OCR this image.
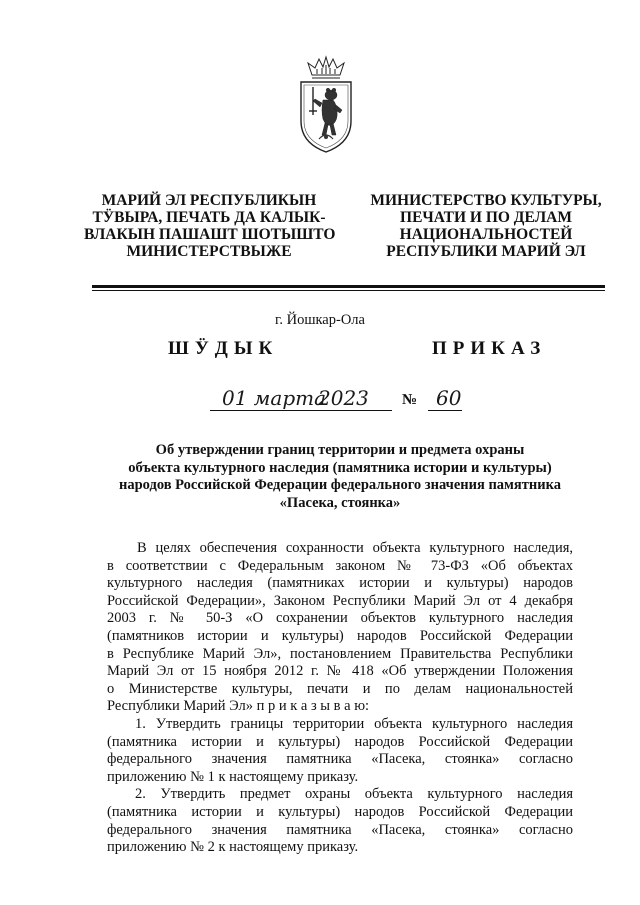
МАРИЙ ЭЛ РЕСПУБЛИКЫН
ТӰВЫРА, ПЕЧАТЬ ДА КАЛЫК-
ВЛАКЫН ПАШАШТ ШОТЫШТО
МИНИСТЕРСТВЫЖЕ
МИНИСТЕРСТВО КУЛЬТУРЫ,
ПЕЧАТИ И ПО ДЕЛАМ
НАЦИОНАЛЬНОСТЕЙ
РЕСПУБЛИКИ МАРИЙ ЭЛ
г. Йошкар-Ола
ШӰДЫК	ПРИКАЗ
01 марта
2023 № 60
Об утверждении границ территории и предмета охраны
объекта культурного наследия (памятника истории и культуры)
народов Российской Федерации федерального значения памятника
«Пасека, стоянка»
В целях обеспечения сохранности объекта культурного наследия,
в соответствии с Федеральным законом № 73-ФЗ «Об объектах
культурного наследия (памятниках истории и культуры) народов
Российской Федерации», Законом Республики Марий Эл от 4 декабря
2003 г. № 50-З «О сохранении объектов культурного наследия
(памятников истории и культуры) народов Российской Федерации
в Республике Марий Эл», постановлением Правительства Республики
Марий Эл от 15 ноября 2012 г. № 418 «Об утверждении Положения
о Министерстве культуры, печати и по делам национальностей
Республики Марий Эл» п р и к а з ы в а ю:
1. Утвердить границы территории объекта культурного наследия
(памятника истории и культуры) народов Российской Федерации
федерального значения памятника «Пасека, стоянка» согласно
приложению № 1 к настоящему приказу.
2. Утвердить предмет охраны объекта культурного наследия
(памятника истории и культуры) народов Российской Федерации
федерального значения памятника «Пасека, стоянка» согласно
приложению № 2 к настоящему приказу.
